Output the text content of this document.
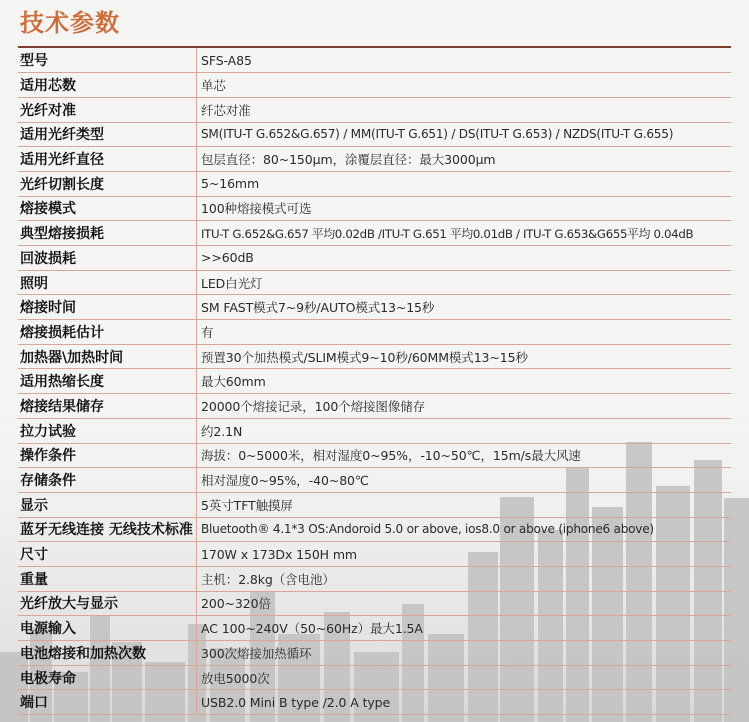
技术参数
型号	SFS-A85
适用芯数	单芯
光纤对准	纤芯对准
适用光纤类型	SM(ITU-T G.652&G.657) / MM(ITU-T G.651) / DS(ITU-T G.653) / NZDS(ITU-T G.655)
适用光纤直径	包层直径：80~150μm，涂覆层直径：最大3000μm
光纤切割长度	5~16mm
熔接模式	100种熔接模式可选
典型熔接损耗	ITU-T G.652&G.657 平均0.02dB /ITU-T G.651 平均0.01dB / ITU-T G.653&G655平均 0.04dB
回波损耗	>>60dB
照明	LED白光灯
熔接时间	SM FAST模式7~9秒/AUTO模式13~15秒
熔接损耗估计	有
加热器\加热时间	预置30个加热模式/SLIM模式9~10秒/60MM模式13~15秒
适用热缩长度	最大60mm
熔接结果储存	20000个熔接记录，100个熔接图像储存
拉力试验	约2.1N
操作条件	海拔：0~5000米，相对湿度0~95%，-10~50℃，15m/s最大风速
存储条件	相对湿度0~95%，-40~80℃
显示	5英寸TFT触摸屏
蓝牙无线连接 无线技术标准	Bluetooth® 4.1*3 OS:Andoroid 5.0 or above, ios8.0 or above (iphone6 above)
尺寸	170W x 173Dx 150H mm
重量	主机：2.8kg（含电池）
光纤放大与显示	200~320倍
电源输入	AC 100~240V（50~60Hz）最大1.5A
电池熔接和加热次数	300次熔接加热循环
电极寿命	放电5000次
端口	USB2.0 Mini B type /2.0 A type
